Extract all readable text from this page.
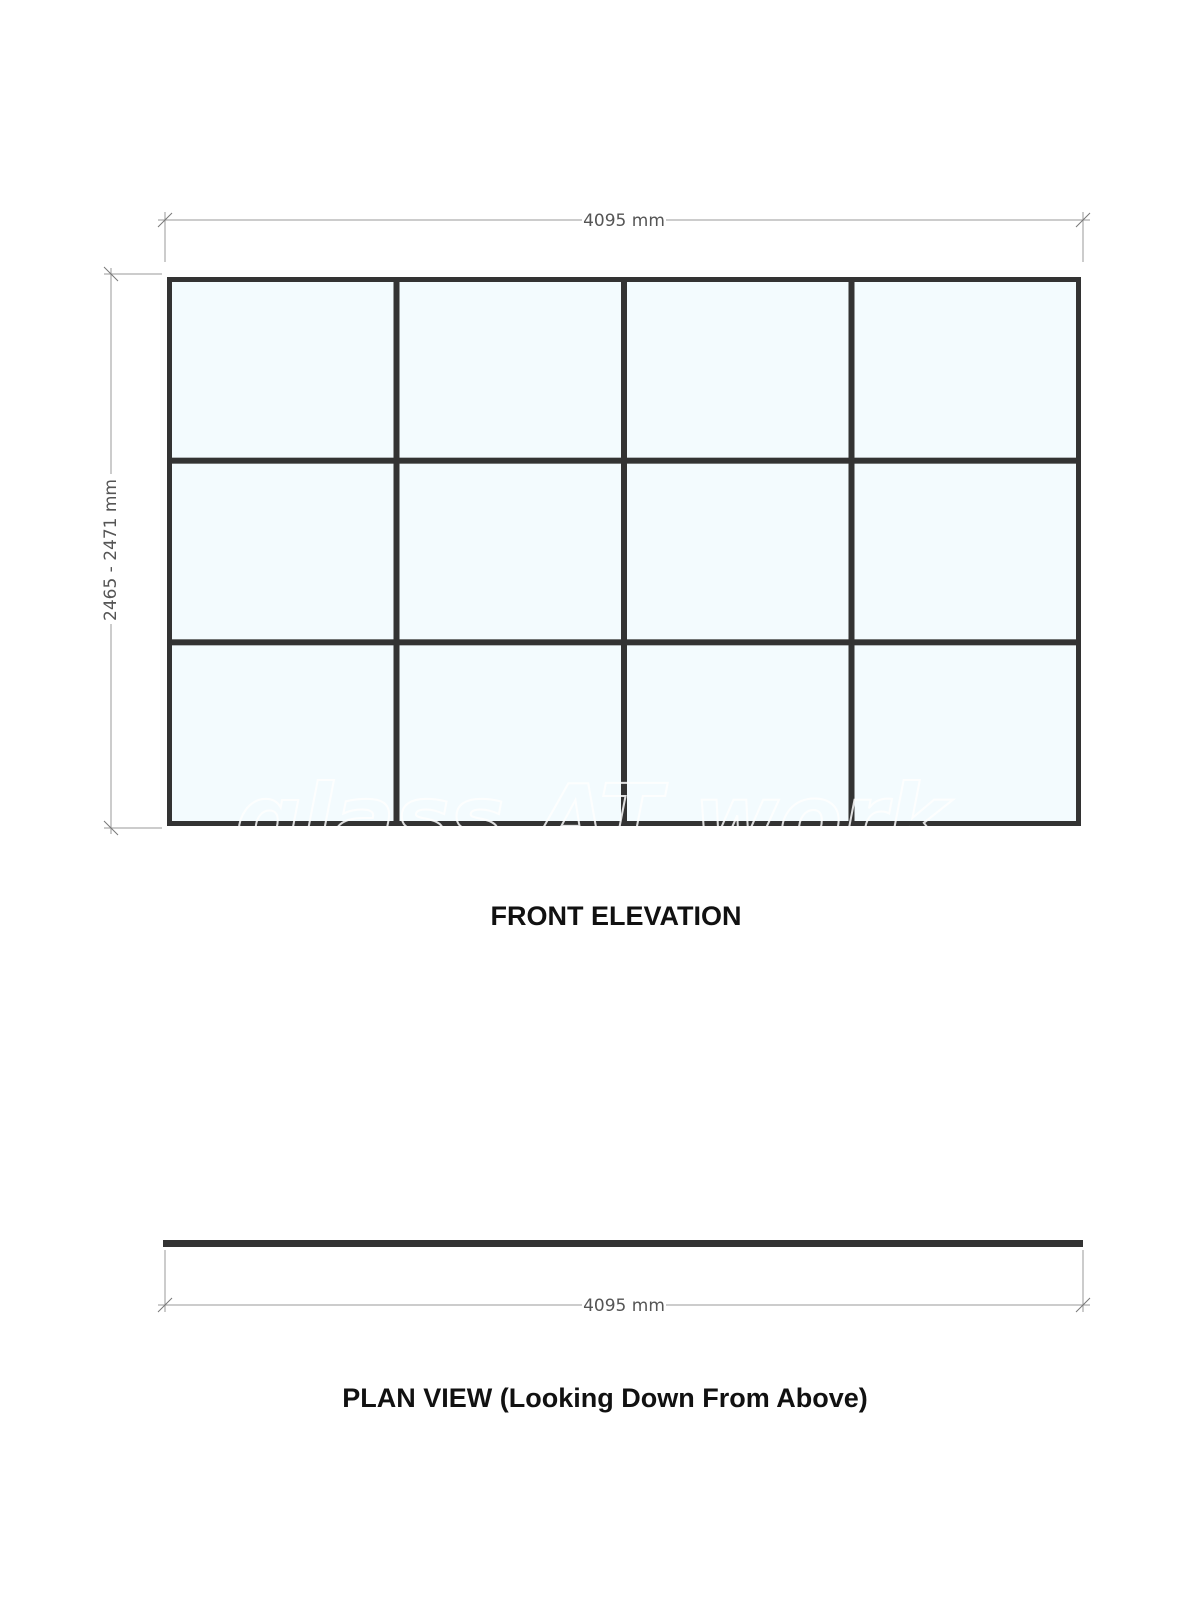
4095 mm
2465 - 2471 mm
glass AT work
FRONT ELEVATION
4095 mm
PLAN VIEW (Looking Down From Above)
